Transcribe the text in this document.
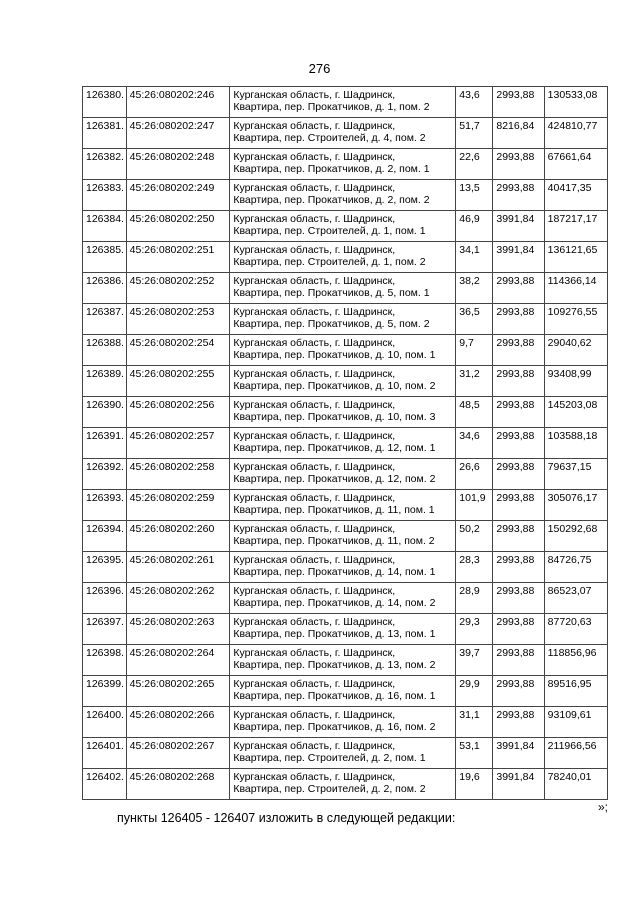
276
126380.	45:26:080202:246	Курганская область, г. Шадринск,
Квартира, пер. Прокатчиков, д. 1, пом. 2	43,6	2993,88	130533,08
126381.	45:26:080202:247	Курганская область, г. Шадринск,
Квартира, пер. Строителей, д. 4, пом. 2	51,7	8216,84	424810,77
126382.	45:26:080202:248	Курганская область, г. Шадринск,
Квартира, пер. Прокатчиков, д. 2, пом. 1	22,6	2993,88	67661,64
126383.	45:26:080202:249	Курганская область, г. Шадринск,
Квартира, пер. Прокатчиков, д. 2, пом. 2	13,5	2993,88	40417,35
126384.	45:26:080202:250	Курганская область, г. Шадринск,
Квартира, пер. Строителей, д. 1, пом. 1	46,9	3991,84	187217,17
126385.	45:26:080202:251	Курганская область, г. Шадринск,
Квартира, пер. Строителей, д. 1, пом. 2	34,1	3991,84	136121,65
126386.	45:26:080202:252	Курганская область, г. Шадринск,
Квартира, пер. Прокатчиков, д. 5, пом. 1	38,2	2993,88	114366,14
126387.	45:26:080202:253	Курганская область, г. Шадринск,
Квартира, пер. Прокатчиков, д. 5, пом. 2	36,5	2993,88	109276,55
126388.	45:26:080202:254	Курганская область, г. Шадринск,
Квартира, пер. Прокатчиков, д. 10, пом. 1	9,7	2993,88	29040,62
126389.	45:26:080202:255	Курганская область, г. Шадринск,
Квартира, пер. Прокатчиков, д. 10, пом. 2	31,2	2993,88	93408,99
126390.	45:26:080202:256	Курганская область, г. Шадринск,
Квартира, пер. Прокатчиков, д. 10, пом. 3	48,5	2993,88	145203,08
126391.	45:26:080202:257	Курганская область, г. Шадринск,
Квартира, пер. Прокатчиков, д. 12, пом. 1	34,6	2993,88	103588,18
126392.	45:26:080202:258	Курганская область, г. Шадринск,
Квартира, пер. Прокатчиков, д. 12, пом. 2	26,6	2993,88	79637,15
126393.	45:26:080202:259	Курганская область, г. Шадринск,
Квартира, пер. Прокатчиков, д. 11, пом. 1	101,9	2993,88	305076,17
126394.	45:26:080202:260	Курганская область, г. Шадринск,
Квартира, пер. Прокатчиков, д. 11, пом. 2	50,2	2993,88	150292,68
126395.	45:26:080202:261	Курганская область, г. Шадринск,
Квартира, пер. Прокатчиков, д. 14, пом. 1	28,3	2993,88	84726,75
126396.	45:26:080202:262	Курганская область, г. Шадринск,
Квартира, пер. Прокатчиков, д. 14, пом. 2	28,9	2993,88	86523,07
126397.	45:26:080202:263	Курганская область, г. Шадринск,
Квартира, пер. Прокатчиков, д. 13, пом. 1	29,3	2993,88	87720,63
126398.	45:26:080202:264	Курганская область, г. Шадринск,
Квартира, пер. Прокатчиков, д. 13, пом. 2	39,7	2993,88	118856,96
126399.	45:26:080202:265	Курганская область, г. Шадринск,
Квартира, пер. Прокатчиков, д. 16, пом. 1	29,9	2993,88	89516,95
126400.	45:26:080202:266	Курганская область, г. Шадринск,
Квартира, пер. Прокатчиков, д. 16, пом. 2	31,1	2993,88	93109,61
126401.	45:26:080202:267	Курганская область, г. Шадринск,
Квартира, пер. Строителей, д. 2, пом. 1	53,1	3991,84	211966,56
126402.	45:26:080202:268	Курганская область, г. Шадринск,
Квартира, пер. Строителей, д. 2, пом. 2	19,6	3991,84	78240,01
»;
пункты 126405 - 126407 изложить в следующей редакции:
